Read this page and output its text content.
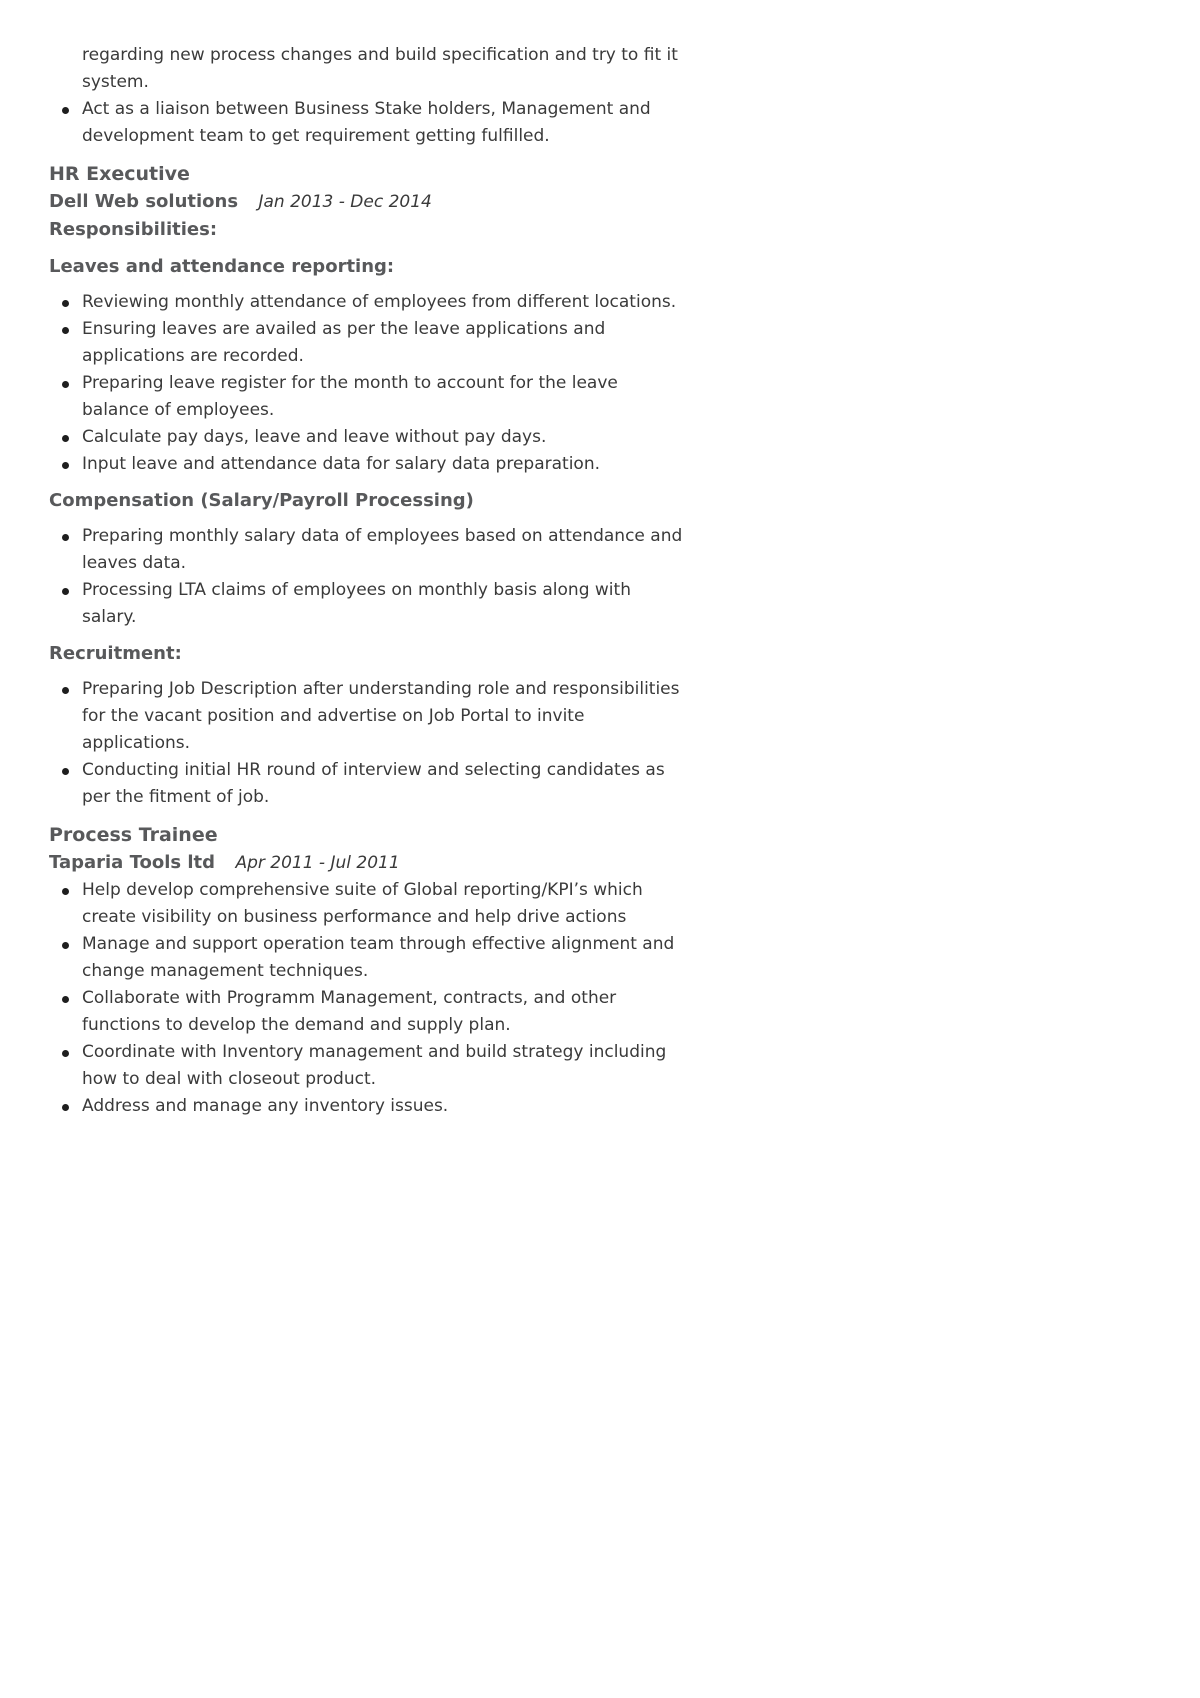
regarding new process changes and build specification and try to fit it system.

Act as a liaison between Business Stake holders, Management and development team to get requirement getting fulfilled.
HR Executive

Dell Web solutions Jan 2013 - Dec 2014

Responsibilities:

Leaves and attendance reporting:
Reviewing monthly attendance of employees from different locations.
Ensuring leaves are availed as per the leave applications and applications are recorded.
Preparing leave register for the month to account for the leave balance of employees.
Calculate pay days, leave and leave without pay days.
Input leave and attendance data for salary data preparation.
Compensation (Salary/Payroll Processing)
Preparing monthly salary data of employees based on attendance and leaves data.
Processing LTA claims of employees on monthly basis along with salary.
Recruitment:
Preparing Job Description after understanding role and responsibilities for the vacant position and advertise on Job Portal to invite applications.
Conducting initial HR round of interview and selecting candidates as per the fitment of job.
Process Trainee

Taparia Tools ltd Apr 2011 - Jul 2011

Help develop comprehensive suite of Global reporting/KPI’s which create visibility on business performance and help drive actions
Manage and support operation team through effective alignment and change management techniques.
Collaborate with Programm Management, contracts, and other functions to develop the demand and supply plan.
Coordinate with Inventory management and build strategy including how to deal with closeout product.
Address and manage any inventory issues.
